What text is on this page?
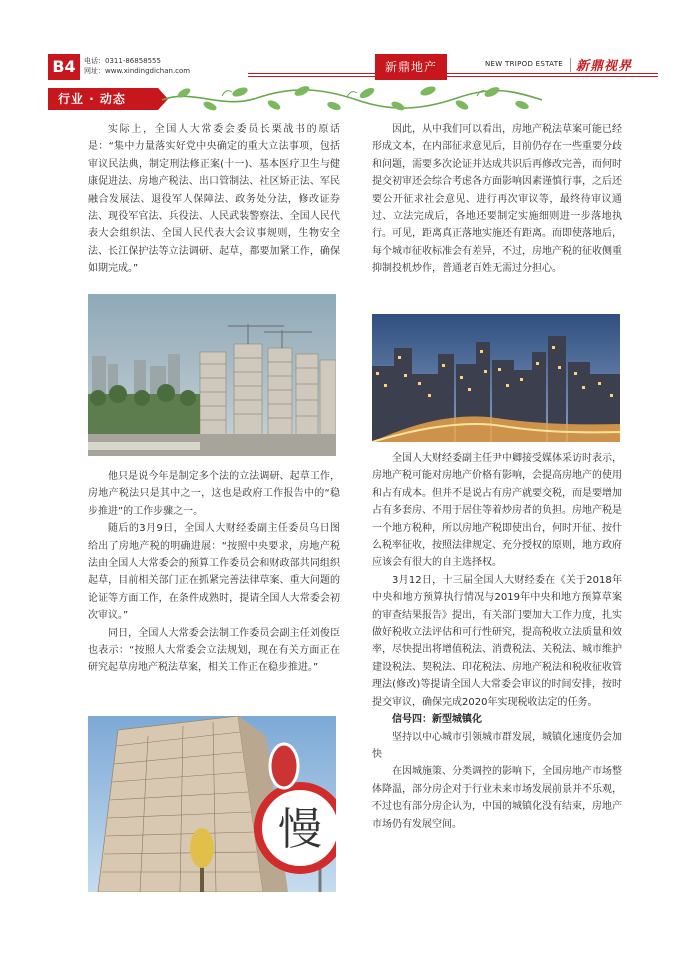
B4	电话：0311-86858555
网址：www.xindingdichan.com	新鼎地产	NEW TRIPOD ESTATE 新鼎视界
行业 · 动态

实际上，全国人大常委会委员长栗战书的原话是：“集中力量落实好党中央确定的重大立法事项，包括审议民法典，制定刑法修正案(十一)、基本医疗卫生与健康促进法、房地产税法、出口管制法、社区矫正法、军民融合发展法、退役军人保障法、政务处分法，修改证券法、现役军官法、兵役法、人民武装警察法、全国人民代表大会组织法、全国人民代表大会议事规则，生物安全法、长江保护法等立法调研、起草，都要加紧工作，确保如期完成。”

他只是说今年是制定多个法的立法调研、起草工作，房地产税法只是其中之一，这也是政府工作报告中的“稳步推进”的工作步骤之一。

随后的3月9日，全国人大财经委副主任委员乌日图给出了房地产税的明确进展：“按照中央要求，房地产税法由全国人大常委会的预算工作委员会和财政部共同组织起草，目前相关部门正在抓紧完善法律草案、重大问题的论证等方面工作，在条件成熟时，提请全国人大常委会初次审议。”

同日，全国人大常委会法制工作委员会副主任刘俊臣也表示：“按照人大常委会立法规划，现在有关方面正在研究起草房地产税法草案，相关工作正在稳步推进。”

慢

因此，从中我们可以看出，房地产税法草案可能已经形成文本，在内部征求意见后，目前仍存在一些重要分歧和问题，需要多次论证并达成共识后再修改完善，而何时提交初审还会综合考虑各方面影响因素谨慎行事，之后还要公开征求社会意见、进行再次审议等，最终待审议通过、立法完成后，各地还要制定实施细则进一步落地执行。可见，距离真正落地实施还有距离。而即使落地后，每个城市征收标准会有差异，不过，房地产税的征收侧重抑制投机炒作，普通老百姓无需过分担心。

全国人大财经委副主任尹中卿接受媒体采访时表示，房地产税可能对房地产价格有影响，会提高房地产的使用和占有成本。但并不是说占有房产就要交税，而是要增加占有多套房、不用于居住等着炒房者的负担。房地产税是一个地方税种，所以房地产税即使出台，何时开征、按什么税率征收，按照法律规定、充分授权的原则，地方政府应该会有很大的自主选择权。

3月12日，十三届全国人大财经委在《关于2018年中央和地方预算执行情况与2019年中央和地方预算草案的审查结果报告》提出，有关部门要加大工作力度，扎实做好税收立法评估和可行性研究，提高税收立法质量和效率，尽快提出将增值税法、消费税法、关税法、城市维护建设税法、契税法、印花税法、房地产税法和税收征收管理法(修改)等提请全国人大常委会审议的时间安排，按时提交审议，确保完成2020年实现税收法定的任务。

信号四：新型城镇化

坚持以中心城市引领城市群发展，城镇化速度仍会加快

在因城施策、分类调控的影响下，全国房地产市场整体降温，部分房企对于行业未来市场发展前景并不乐观，不过也有部分房企认为，中国的城镇化没有结束，房地产市场仍有发展空间。
